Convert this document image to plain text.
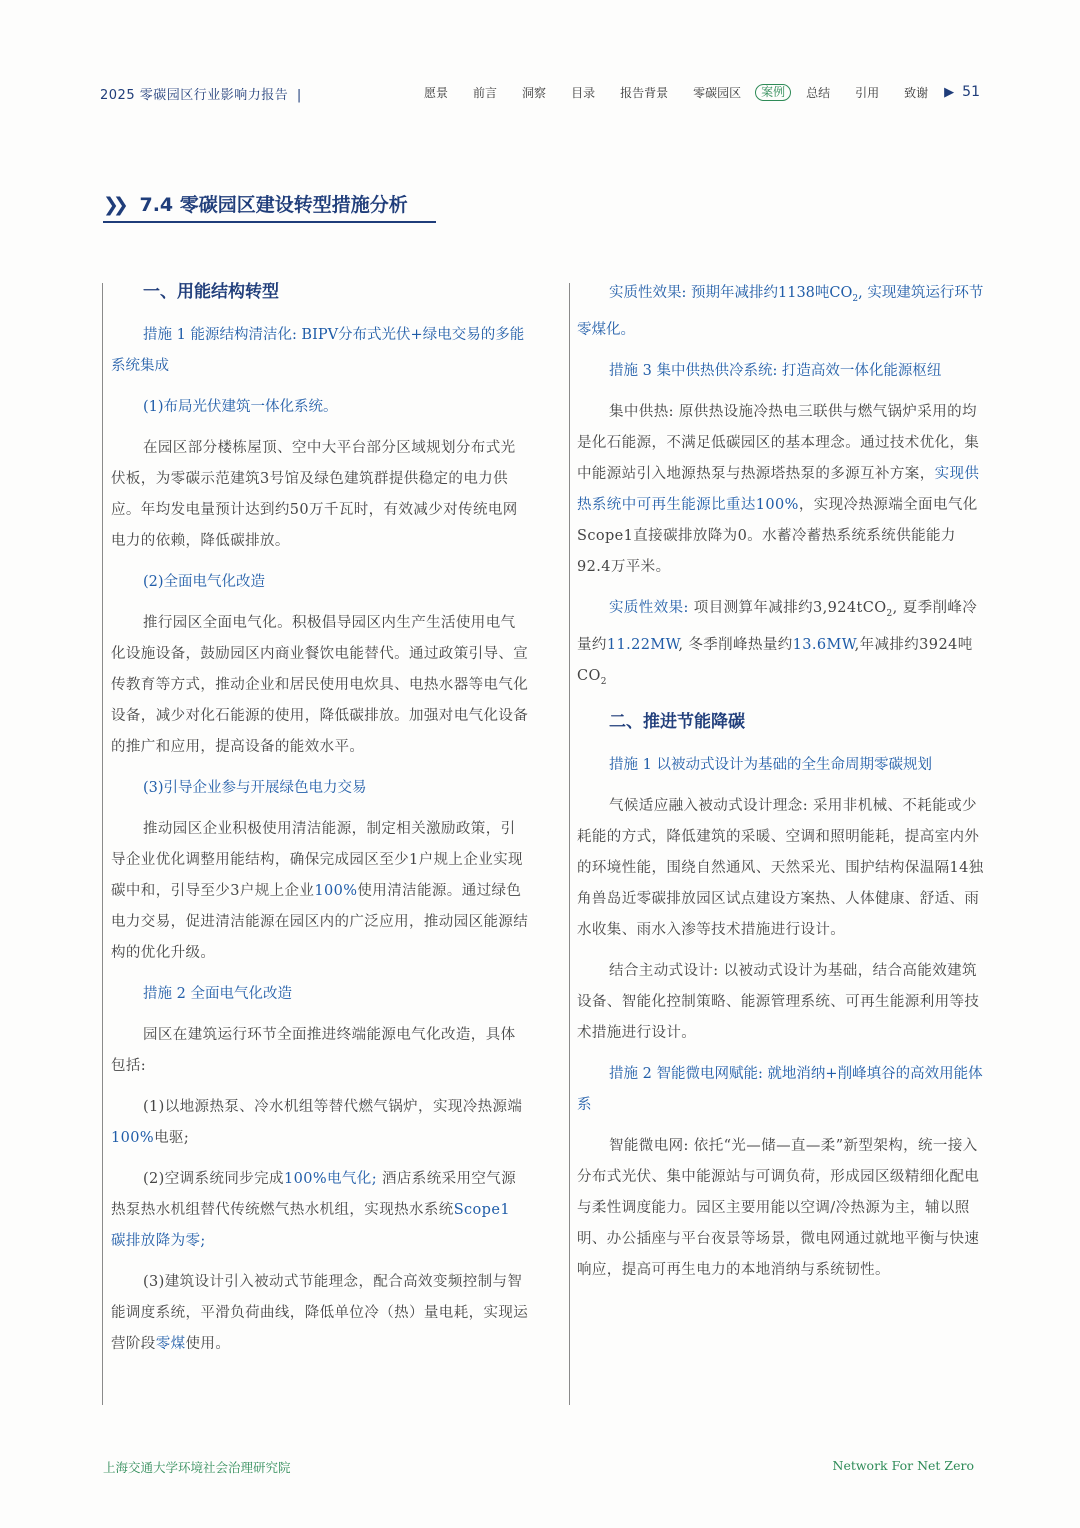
2025 零碳园区行业影响力报告 |	愿景 前言 洞察 目录 报告背景 零碳园区	案例	总结 引用 致谢 ▶ 51
❯❯ 7.4 零碳园区建设转型措施分析
一、用能结构转型
措施 1 能源结构清洁化: BIPV分布式光伏+绿电交易的多能系统集成
(1)布局光伏建筑一体化系统。
在园区部分楼栋屋顶、空中大平台部分区域规划分布式光伏板，为零碳示范建筑3号馆及绿色建筑群提供稳定的电力供应。年均发电量预计达到约50万千瓦时，有效减少对传统电网电力的依赖，降低碳排放。
(2)全面电气化改造
推行园区全面电气化。积极倡导园区内生产生活使用电气化设施设备，鼓励园区内商业餐饮电能替代。通过政策引导、宣传教育等方式，推动企业和居民使用电炊具、电热水器等电气化设备，减少对化石能源的使用，降低碳排放。加强对电气化设备的推广和应用，提高设备的能效水平。
(3)引导企业参与开展绿色电力交易
推动园区企业积极使用清洁能源，制定相关激励政策，引导企业优化调整用能结构，确保完成园区至少1户规上企业实现碳中和，引导至少3户规上企业100%使用清洁能源。通过绿色电力交易，促进清洁能源在园区内的广泛应用，推动园区能源结构的优化升级。
措施 2 全面电气化改造
园区在建筑运行环节全面推进终端能源电气化改造，具体包括:
(1)以地源热泵、冷水机组等替代燃气锅炉，实现冷热源端100%电驱;
(2)空调系统同步完成100%电气化; 酒店系统采用空气源热泵热水机组替代传统燃气热水机组，实现热水系统Scope1 碳排放降为零;
(3)建筑设计引入被动式节能理念，配合高效变频控制与智能调度系统，平滑负荷曲线，降低单位冷（热）量电耗，实现运营阶段零煤使用。
实质性效果: 预期年减排约1138吨$CO_2$, 实现建筑运行环节零煤化。
措施 3 集中供热供冷系统: 打造高效一体化能源枢纽
集中供热: 原供热设施冷热电三联供与燃气锅炉采用的均是化石能源，不满足低碳园区的基本理念。通过技术优化，集中能源站引入地源热泵与热源塔热泵的多源互补方案，实现供热系统中可再生能源比重达100%，实现冷热源端全面电气化Scope1直接碳排放降为0。水蓄冷蓄热系统系统供能能力92.4万平米。
实质性效果: 项目测算年减排约3,924tCO$_2$, 夏季削峰冷量约11.22MW, 冬季削峰热量约13.6MW,年减排约3924吨$CO_2$
二、推进节能降碳
措施 1 以被动式设计为基础的全生命周期零碳规划
气候适应融入被动式设计理念: 采用非机械、不耗能或少耗能的方式，降低建筑的采暖、空调和照明能耗，提高室内外的环境性能，围绕自然通风、天然采光、围护结构保温隔14独角兽岛近零碳排放园区试点建设方案热、人体健康、舒适、雨水收集、雨水入渗等技术措施进行设计。
结合主动式设计: 以被动式设计为基础，结合高能效建筑设备、智能化控制策略、能源管理系统、可再生能源利用等技术措施进行设计。
措施 2 智能微电网赋能: 就地消纳+削峰填谷的高效用能体系
智能微电网: 依托“光—储—直—柔”新型架构，统一接入分布式光伏、集中能源站与可调负荷，形成园区级精细化配电与柔性调度能力。园区主要用能以空调/冷热源为主，辅以照明、办公插座与平台夜景等场景，微电网通过就地平衡与快速响应，提高可再生电力的本地消纳与系统韧性。
上海交通大学环境社会治理研究院	Network For Net Zero
